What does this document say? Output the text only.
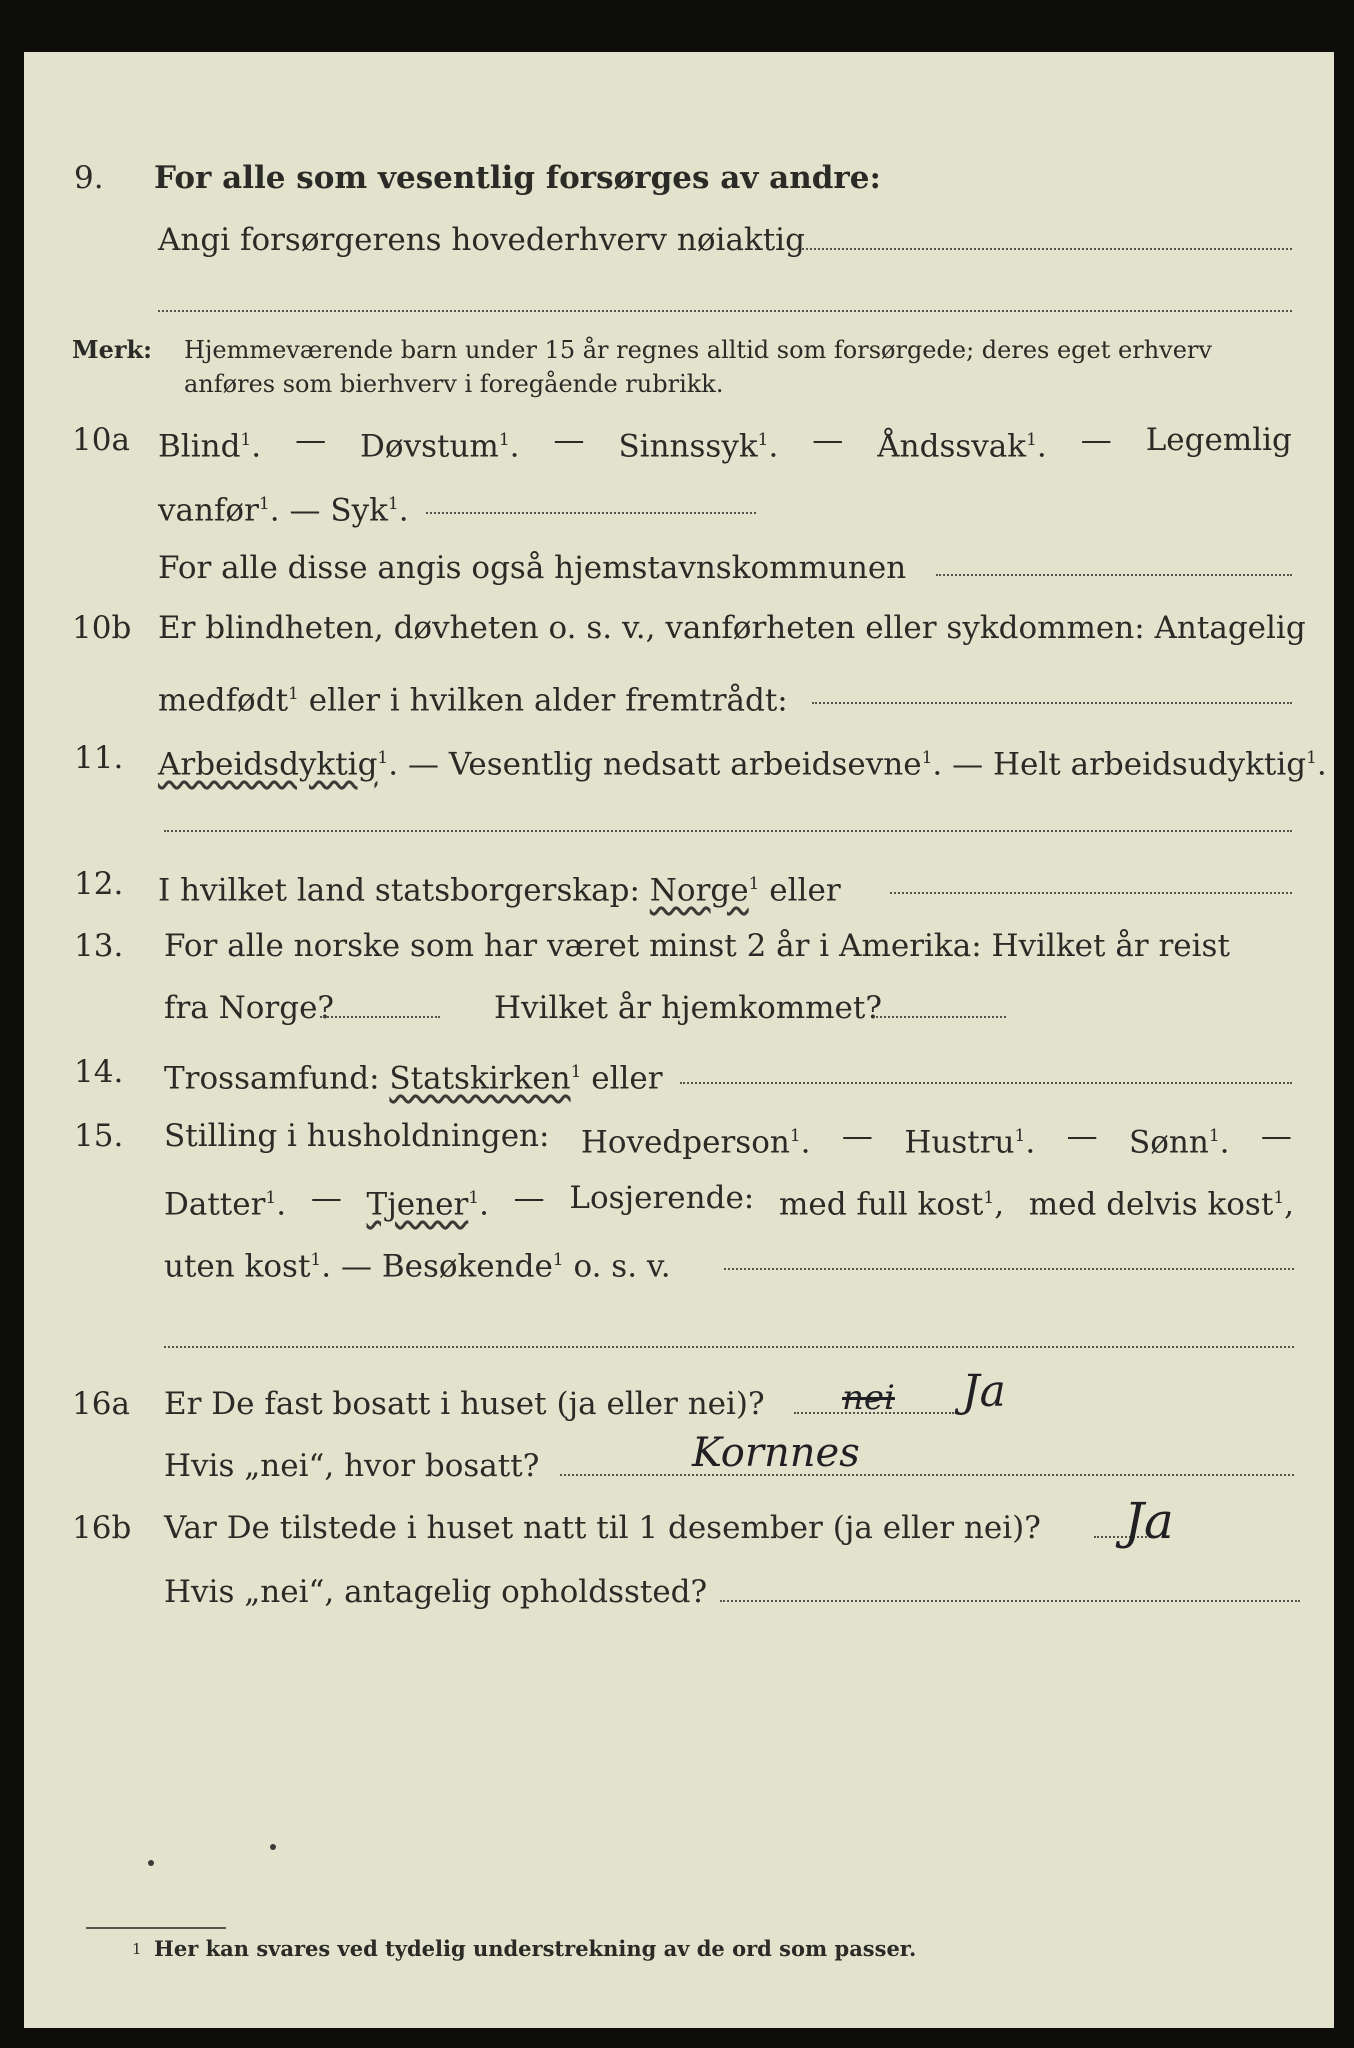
9. For alle som vesentlig forsørges av andre:
Angi forsørgerens hovederhverv nøiaktig
Merk: Hjemmeværende barn under 15 år regnes alltid som forsørgede; deres eget erhverv
anføres som bierhverv i foregående rubrikk.
10a Blind$^1$. — Døvstum$^1$. — Sinnssyk$^1$. — Åndssvak$^1$. — Legemlig
vanfør$^1$. — Syk$^1$.
For alle disse angis også hjemstavnskommunen
10b Er blindheten, døvheten o. s. v., vanførheten eller sykdommen: Antagelig
medfødt$^1$ eller i hvilken alder fremtrådt:
11. Arbeidsdyktig$^1$. — Vesentlig nedsatt arbeidsevne$^1$. — Helt arbeidsudyktig$^1$.
12. I hvilket land statsborgerskap: Norge$^1$ eller
13. For alle norske som har været minst 2 år i Amerika: Hvilket år reist
fra Norge?	Hvilket år hjemkommet?
14. Trossamfund: Statskirken$^1$ eller
15. Stilling i husholdningen: Hovedperson$^1$. — Hustru$^1$. — Sønn$^1$. —
Datter$^1$. — Tjener$^1$. — Losjerende: med full kost$^1$, med delvis kost$^1$,
uten kost$^1$. — Besøkende$^1$ o. s. v.
16a Er De fast bosatt i huset (ja eller nei)? nei Ja
Hvis „nei“, hvor bosatt?	Kornnes
16b Var De tilstede i huset natt til 1 desember (ja eller nei)? Ja
Hvis „nei“, antagelig opholdssted?
1 Her kan svares ved tydelig understrekning av de ord som passer.
